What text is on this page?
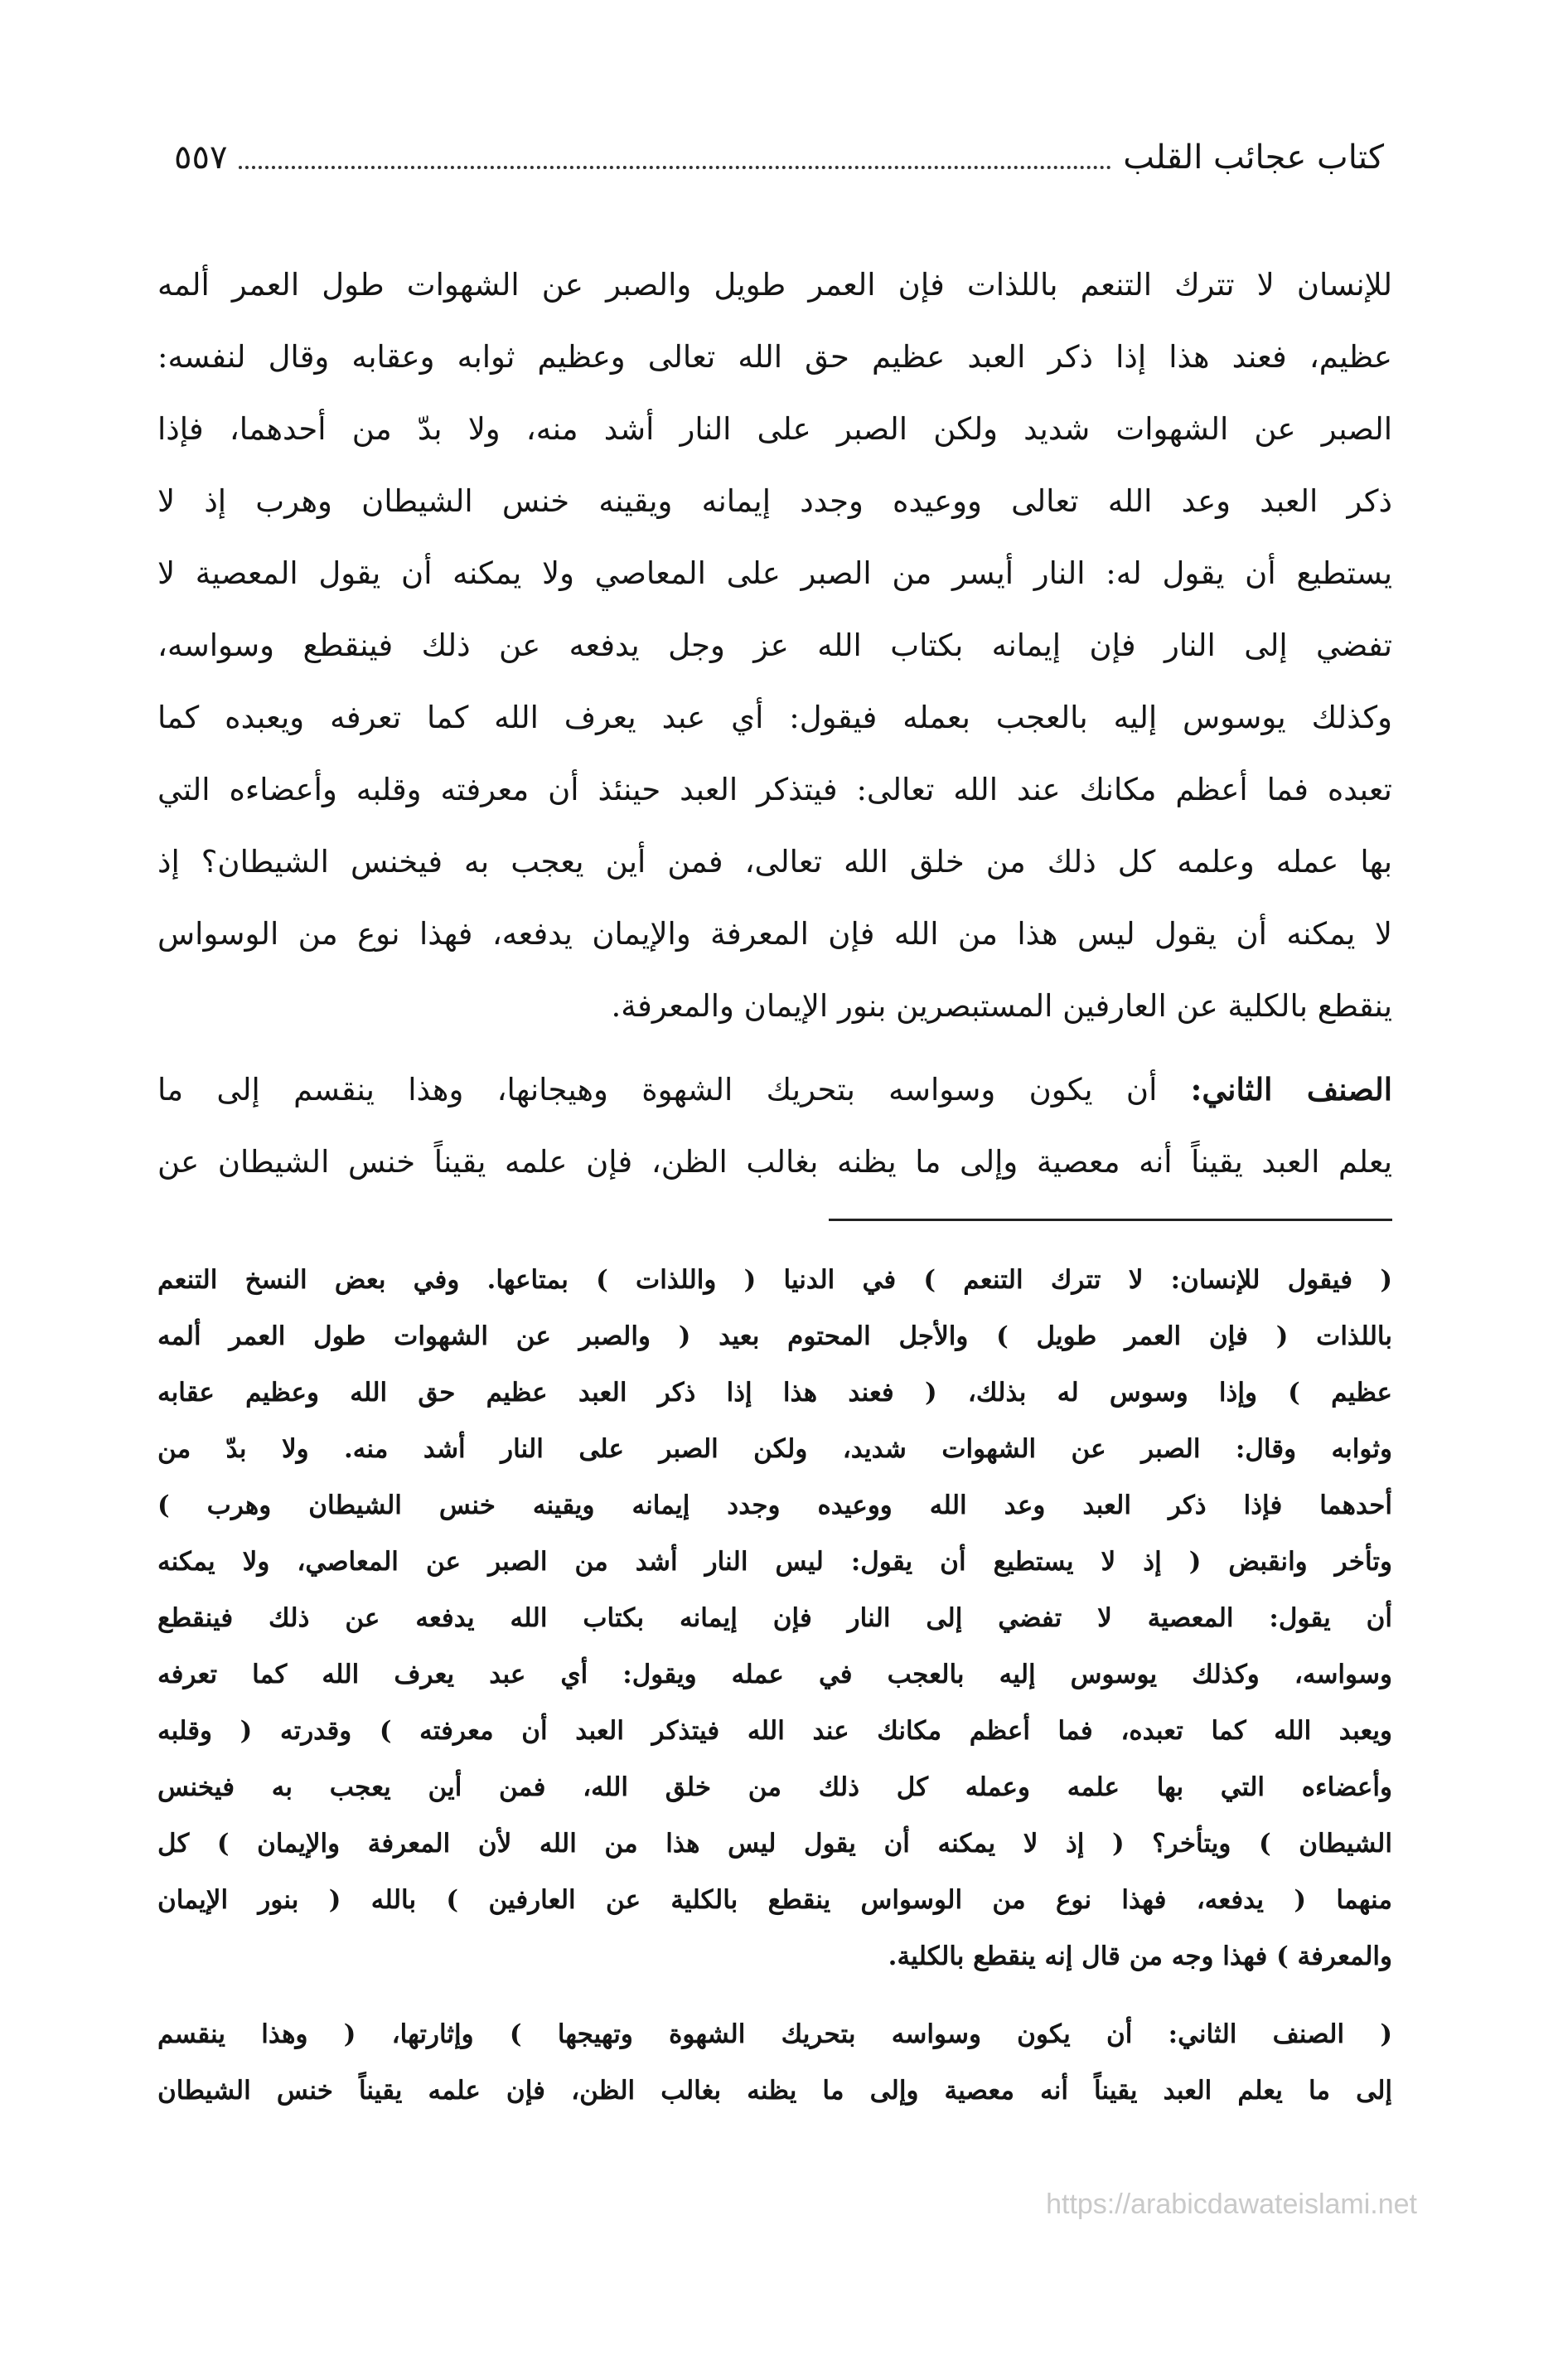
كتاب عجائب القلب
٥٥٧
للإنسان لا تترك التنعم باللذات فإن العمر طويل والصبر عن الشهوات طول العمر ألمه
عظيم، فعند هذا إذا ذكر العبد عظيم حق الله تعالى وعظيم ثوابه وعقابه وقال لنفسه:
الصبر عن الشهوات شديد ولكن الصبر على النار أشد منه، ولا بدّ من أحدهما، فإذا
ذكر العبد وعد الله تعالى ووعيده وجدد إيمانه ويقينه خنس الشيطان وهرب إذ لا
يستطيع أن يقول له: النار أيسر من الصبر على المعاصي ولا يمكنه أن يقول المعصية لا
تفضي إلى النار فإن إيمانه بكتاب الله عز وجل يدفعه عن ذلك فينقطع وسواسه،
وكذلك يوسوس إليه بالعجب بعمله فيقول: أي عبد يعرف الله كما تعرفه ويعبده كما
تعبده فما أعظم مكانك عند الله تعالى: فيتذكر العبد حينئذ أن معرفته وقلبه وأعضاءه التي
بها عمله وعلمه كل ذلك من خلق الله تعالى، فمن أين يعجب به فيخنس الشيطان؟ إذ
لا يمكنه أن يقول ليس هذا من الله فإن المعرفة والإيمان يدفعه، فهذا نوع من الوسواس
ينقطع بالكلية عن العارفين المستبصرين بنور الإيمان والمعرفة.
الصنف الثاني: أن يكون وسواسه بتحريك الشهوة وهيجانها، وهذا ينقسم إلى ما
يعلم العبد يقيناً أنه معصية وإلى ما يظنه بغالب الظن، فإن علمه يقيناً خنس الشيطان عن
( فيقول للإنسان: لا تترك التنعم ) في الدنيا ( واللذات ) بمتاعها. وفي بعض النسخ التنعم
باللذات ( فإن العمر طويل ) والأجل المحتوم بعيد ( والصبر عن الشهوات طول العمر ألمه
عظيم ) وإذا وسوس له بذلك، ( فعند هذا إذا ذكر العبد عظيم حق الله وعظيم عقابه
وثوابه وقال: الصبر عن الشهوات شديد، ولكن الصبر على النار أشد منه. ولا بدّ من
أحدهما فإذا ذكر العبد وعد الله ووعيده وجدد إيمانه ويقينه خنس الشيطان وهرب )
وتأخر وانقبض ( إذ لا يستطيع أن يقول: ليس النار أشد من الصبر عن المعاصي، ولا يمكنه
أن يقول: المعصية لا تفضي إلى النار فإن إيمانه بكتاب الله يدفعه عن ذلك فينقطع
وسواسه، وكذلك يوسوس إليه بالعجب في عمله ويقول: أي عبد يعرف الله كما تعرفه
ويعبد الله كما تعبده، فما أعظم مكانك عند الله فيتذكر العبد أن معرفته ) وقدرته ( وقلبه
وأعضاءه التي بها علمه وعمله كل ذلك من خلق الله، فمن أين يعجب به فيخنس
الشيطان ) ويتأخر؟ ( إذ لا يمكنه أن يقول ليس هذا من الله لأن المعرفة والإيمان ) كل
منهما ( يدفعه، فهذا نوع من الوسواس ينقطع بالكلية عن العارفين ) بالله ( بنور الإيمان
والمعرفة ) فهذا وجه من قال إنه ينقطع بالكلية.
( الصنف الثاني: أن يكون وسواسه بتحريك الشهوة وتهيجها ) وإثارتها، ( وهذا ينقسم
إلى ما يعلم العبد يقيناً أنه معصية وإلى ما يظنه بغالب الظن، فإن علمه يقيناً خنس الشيطان
https://arabicdawateislami.net
